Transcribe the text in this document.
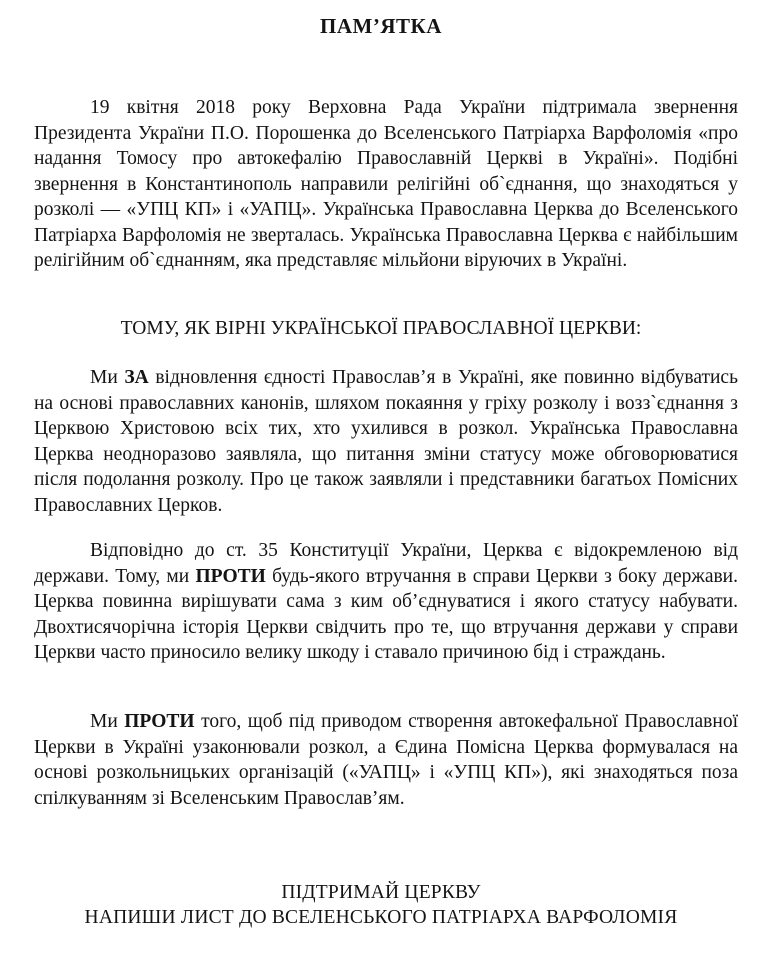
ПАМ’ЯТКА

19 квітня 2018 року Верховна Рада України підтримала звернення Президента України П.О. Порошенка до Вселенського Патріарха Варфоломія «про надання Томосу про автокефалію Православній Церкві в Україні». Подібні звернення в Константинополь направили релігійні об`єднання, що знаходяться у розколі — «УПЦ КП» і «УАПЦ». Українська Православна Церква до Вселенського Патріарха Варфоломія не зверталась. Українська Православна Церква є найбільшим релігійним об`єднанням, яка представляє мільйони віруючих в Україні.

ТОМУ, ЯК ВІРНІ УКРАЇНСЬКОЇ ПРАВОСЛАВНОЇ ЦЕРКВИ:

Ми ЗА відновлення єдності Православ’я в Україні, яке повинно відбуватись на основі православних канонів, шляхом покаяння у гріху розколу і возз`єднання з Церквою Христовою всіх тих, хто ухилився в розкол. Українська Православна Церква неодноразово заявляла, що питання зміни статусу може обговорюватися після подолання розколу. Про це також заявляли і представники багатьох Помісних Православних Церков.

Відповідно до ст. 35 Конституції України, Церква є відокремленою від держави. Тому, ми ПРОТИ будь-якого втручання в справи Церкви з боку держави. Церква повинна вирішувати сама з ким об’єднуватися і якого статусу набувати. Двохтисячорічна історія Церкви свідчить про те, що втручання держави у справи Церкви часто приносило велику шкоду і ставало причиною бід і страждань.

Ми ПРОТИ того, щоб під приводом створення автокефальної Православної Церкви в Україні узаконювали розкол, а Єдина Помісна Церква формувалася на основі розкольницьких організацій («УАПЦ» і «УПЦ КП»), які знаходяться поза спілкуванням зі Вселенським Православ’ям.

ПІДТРИМАЙ ЦЕРКВУ
НАПИШИ ЛИСТ ДО ВСЕЛЕНСЬКОГО ПАТРІАРХА ВАРФОЛОМІЯ
